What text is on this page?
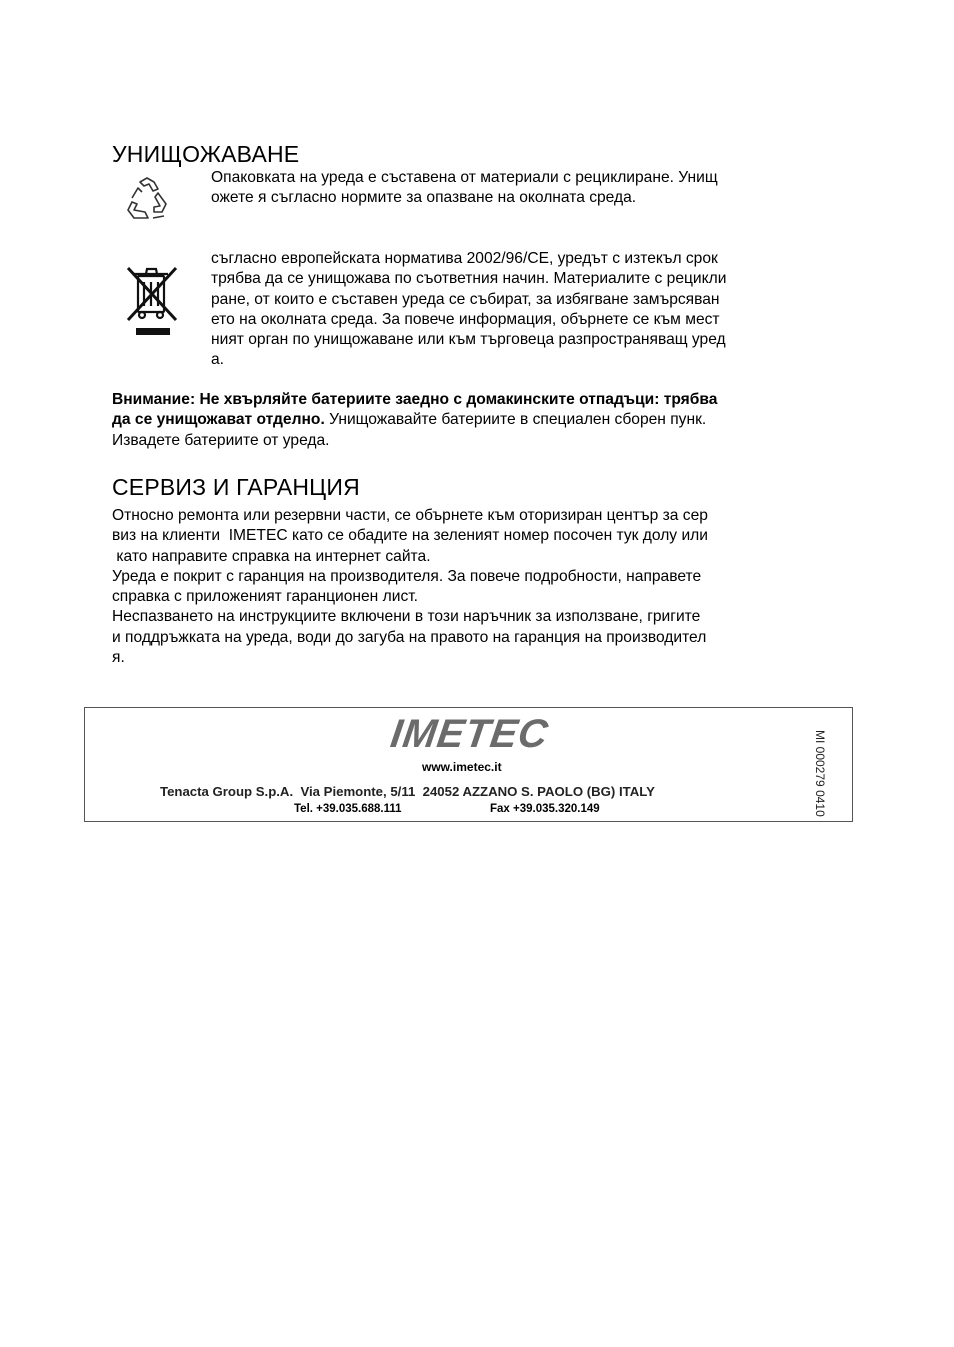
УНИЩОЖАВАНЕ
Опаковката на уреда е съставена от материали с рециклиране. Унищ
ожете я съгласно нормите за опазване на околната среда.
съгласно европейската нормативa 2002/96/CE, уредът с изтекъл срок
трябва да се унищожава по съответния начин. Материалите с рецикли
ране, от които е съставен уреда се събират, за избягване замърсяван
ето на околната среда. За повече информация, обърнете се към мест
ният орган по унищожаване или към търговеца разпространяващ уред
а.
Внимание: Не хвърляйте батериите заедно с домакинските отпадъци: трябва
да се унищожават отделно. Унищожавайте батериите в специален сборен пунк.
Извадете батериите от уреда.
СЕРВИЗ И ГАРАНЦИЯ
Относно ремонта или резервни части, се обърнете към оторизиран център за сер
виз на клиенти  IMETEC като се обадите на зеленият номер посочен тук долу или
като направите справка на интернет сайта.
Уреда е покрит с гаранция на производителя. За повече подробности, направете
справка с приложеният гаранционен лист.
Неспазването на инструкциите включени в този наръчник за използване, григите
и поддръжката на уреда, води до загуба на правото на гаранция на производител
я.
IMETEC
www.imetec.it
Tenacta Group S.p.A.  Via Piemonte, 5/11  24052 AZZANO S. PAOLO (BG) ITALY
Tel. +39.035.688.111	Fax +39.035.320.149
MI 000279 0410
